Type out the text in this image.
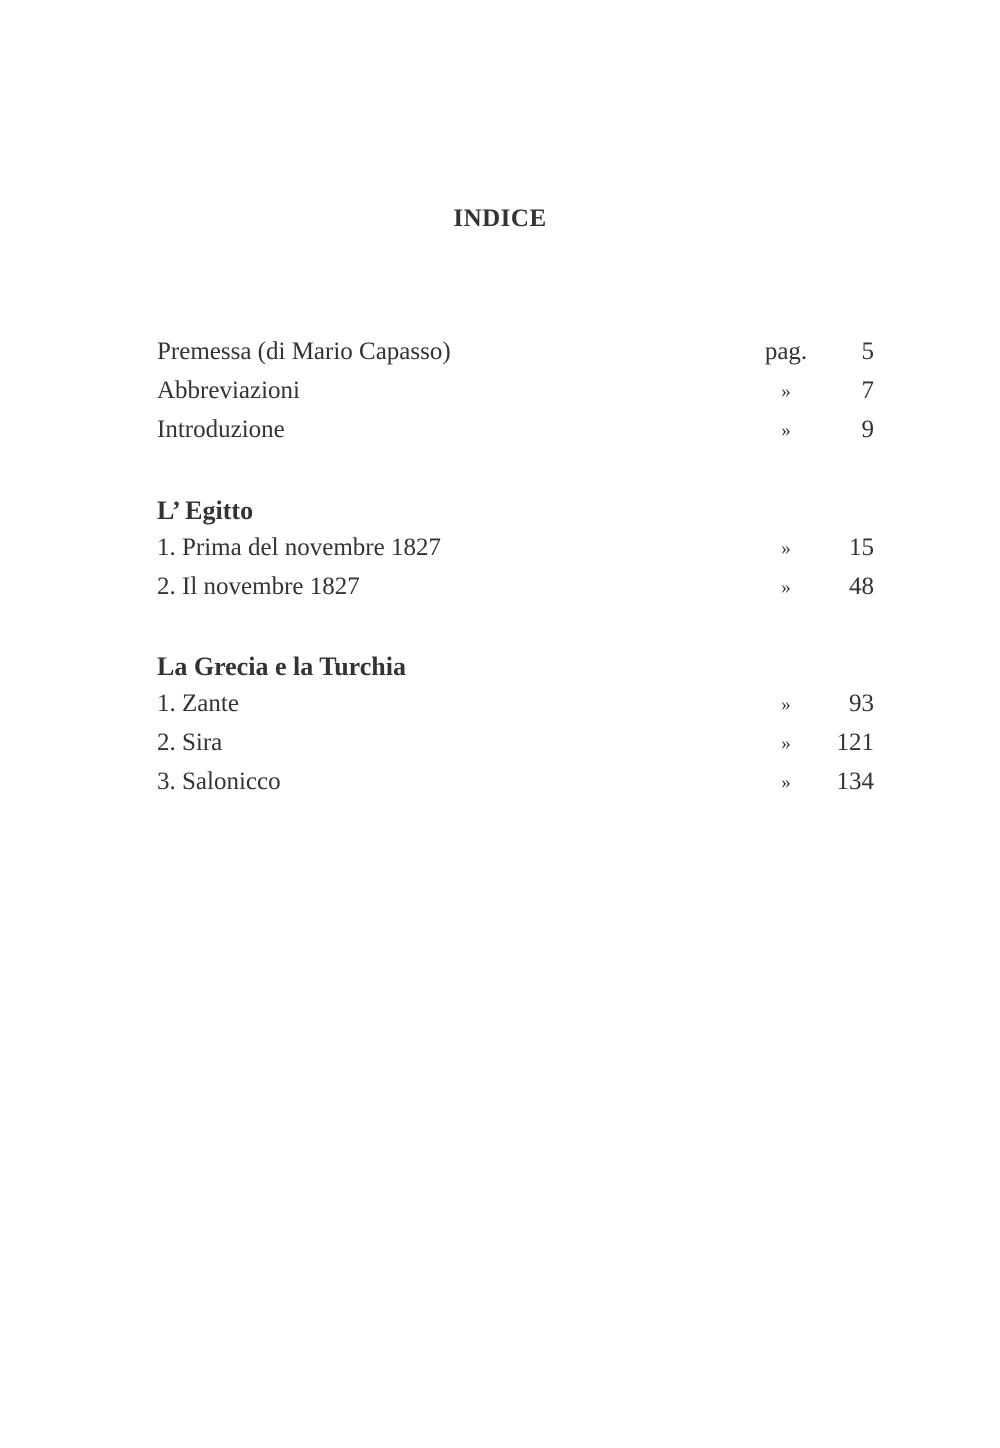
INDICE
Premessa (di Mario Capasso)	pag.	5
Abbreviazioni	»	7
Introduzione	»	9
L’ Egitto
1. Prima del novembre 1827	»	15
2. Il novembre 1827	»	48
La Grecia e la Turchia
1. Zante	»	93
2. Sira	»	121
3. Salonicco	»	134
